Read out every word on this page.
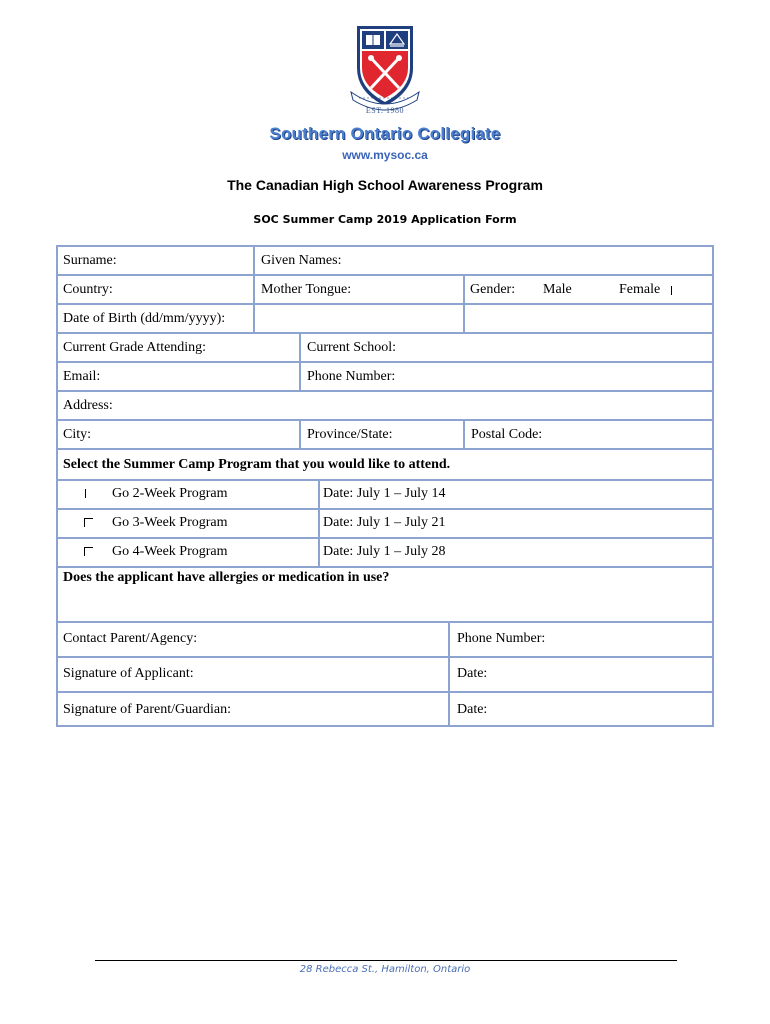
EST. 1980
Southern Ontario Collegiate
www.mysoc.ca
The Canadian High School Awareness Program
SOC Summer Camp 2019 Application Form
Surname:	Given Names:
Country:	Mother Tongue:	Gender: Male	Female
Date of Birth (dd/mm/yyyy):
Current Grade Attending:	Current School:
Email:	Phone Number:
Address:
City:	Province/State:	Postal Code:
Select the Summer Camp Program that you would like to attend.
Go 2-Week Program	Date: July 1 – July 14
Go 3-Week Program	Date: July 1 – July 21
Go 4-Week Program	Date: July 1 – July 28
Does the applicant have allergies or medication in use?
Contact Parent/Agency:	Phone Number:
Signature of Applicant:	Date:
Signature of Parent/Guardian:	Date:
28 Rebecca St., Hamilton, Ontario
